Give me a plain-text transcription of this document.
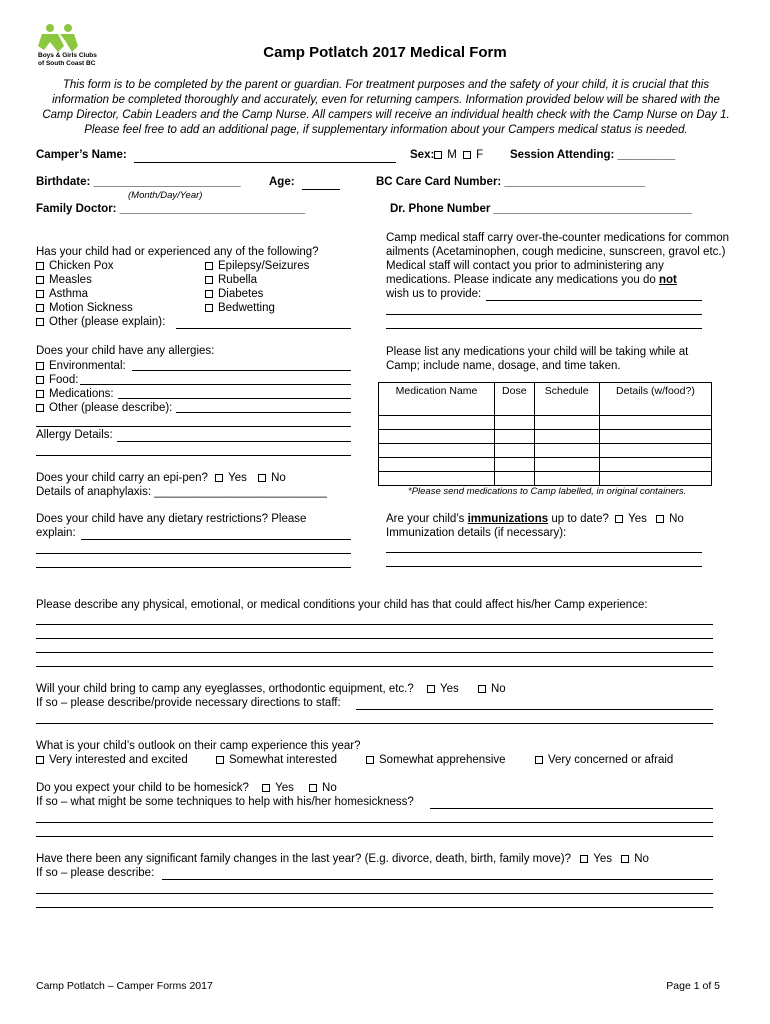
Boys & Girls Clubs
of South Coast BC
Camp Potlatch 2017 Medical Form
This form is to be completed by the parent or guardian. For treatment purposes and the safety of your child, it is crucial that this information be completed thoroughly and accurately, even for returning campers. Information provided below will be shared with the Camp Director, Cabin Leaders and the Camp Nurse. All campers will receive an individual health check with the Camp Nurse on Day 1. Please feel free to add an additional page, if supplementary information about your Campers medical status is needed.
Camper’s Name:	Sex: M F Session Attending: _________
Birthdate: _______________________
(Month/Day/Year)
Age:	BC Care Card Number: ______________________
Family Doctor: _____________________________	Dr. Phone Number _______________________________
Has your child had or experienced any of the following?
Chicken Pox
Measles
Asthma
Motion Sickness
Other (please explain):
Epilepsy/Seizures
Rubella
Diabetes
Bedwetting
Camp medical staff carry over-the-counter medications for common ailments (Acetaminophen, cough medicine, sunscreen, gravol etc.) Medical staff will contact you prior to administering any medications. Please indicate any medications you do not
wish us to provide:
Does your child have any allergies:
Environmental:
Food:
Medications:
Other (please describe):
Allergy Details:
Please list any medications your child will be taking while at Camp; include name, dosage, and time taken.
Medication Name	Dose	Schedule	Details (w/food?)

*Please send medications to Camp labelled, in original containers.
Does your child carry an epi-pen? Yes No
Details of anaphylaxis: ___________________________
Are your child’s immunizations up to date? Yes No
Immunization details (if necessary):
Does your child have any dietary restrictions? Please
explain:
Please describe any physical, emotional, or medical conditions your child has that could affect his/her Camp experience:
Will your child bring to camp any eyeglasses, orthodontic equipment, etc.? Yes	No
If so – please describe/provide necessary directions to staff:
What is your child’s outlook on their camp experience this year?
Very interested and excited	Somewhat interested	Somewhat apprehensive	Very concerned or afraid
Do you expect your child to be homesick? Yes No
If so – what might be some techniques to help with his/her homesickness?
Have there been any significant family changes in the last year? (E.g. divorce, death, birth, family move)? Yes No
If so – please describe:
Camp Potlatch – Camper Forms 2017	Page 1 of 5
